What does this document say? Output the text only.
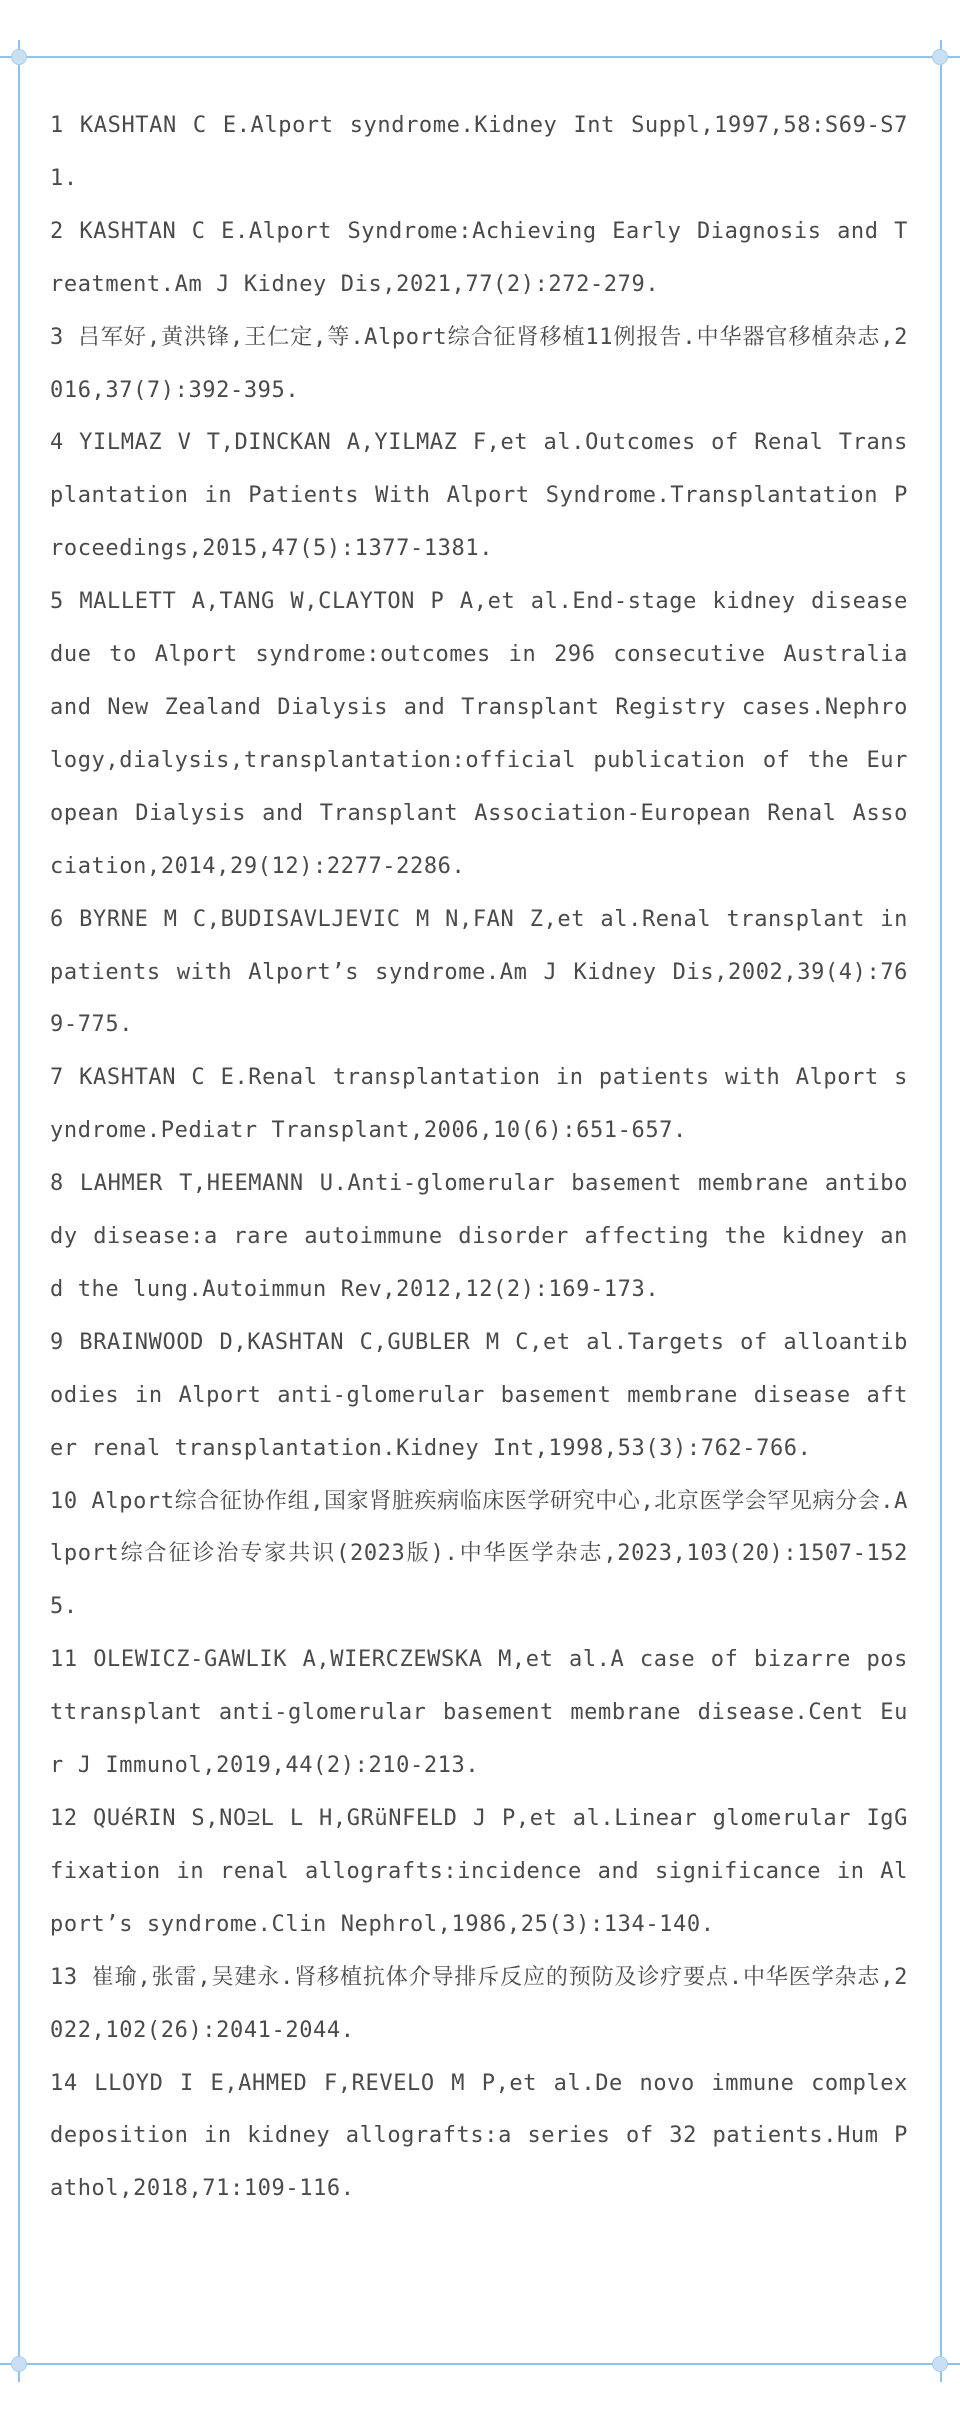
1 KASHTAN C E.Alport syndrome.Kidney Int Suppl,1997,58:S69-S71.

2 KASHTAN C E.Alport Syndrome:Achieving Early Diagnosis and Treatment.Am J Kidney Dis,2021,77(2):272-279.

3 吕军好,黄洪锋,王仁定,等.Alport综合征肾移植11例报告.中华器官移植杂志,2016,37(7):392-395.

4 YILMAZ V T,DINCKAN A,YILMAZ F,et al.Outcomes of Renal Transplantation in Patients With Alport Syndrome.Transplantation Proceedings,2015,47(5):1377-1381.

5 MALLETT A,TANG W,CLAYTON P A,et al.End-stage kidney disease due to Alport syndrome:outcomes in 296 consecutive Australia and New Zealand Dialysis and Transplant Registry cases.Nephrology,dialysis,transplantation:official publication of the European Dialysis and Transplant Association-European Renal Association,2014,29(12):2277-2286.

6 BYRNE M C,BUDISAVLJEVIC M N,FAN Z,et al.Renal transplant in patients with Alport’s syndrome.Am J Kidney Dis,2002,39(4):769-775.

7 KASHTAN C E.Renal transplantation in patients with Alport syndrome.Pediatr Transplant,2006,10(6):651-657.

8 LAHMER T,HEEMANN U.Anti-glomerular basement membrane antibody disease:a rare autoimmune disorder affecting the kidney and the lung.Autoimmun Rev,2012,12(2):169-173.

9 BRAINWOOD D,KASHTAN C,GUBLER M C,et al.Targets of alloantibodies in Alport anti-glomerular basement membrane disease after renal transplantation.Kidney Int,1998,53(3):762-766.

10 Alport综合征协作组,国家肾脏疾病临床医学研究中心,北京医学会罕见病分会.Alport综合征诊治专家共识(2023版).中华医学杂志,2023,103(20):1507-1525.

11 OLEWICZ-GAWLIK A,WIERCZEWSKA M,et al.A case of bizarre posttransplant anti-glomerular basement membrane disease.Cent Eur J Immunol,2019,44(2):210-213.

12 QUéRIN S,NO⊇L L H,GRüNFELD J P,et al.Linear glomerular IgG fixation in renal allografts:incidence and significance in Alport’s syndrome.Clin Nephrol,1986,25(3):134-140.

13 崔瑜,张雷,吴建永.肾移植抗体介导排斥反应的预防及诊疗要点.中华医学杂志,2022,102(26):2041-2044.

14 LLOYD I E,AHMED F,REVELO M P,et al.De novo immune complex deposition in kidney allografts:a series of 32 patients.Hum Pathol,2018,71:109-116.
